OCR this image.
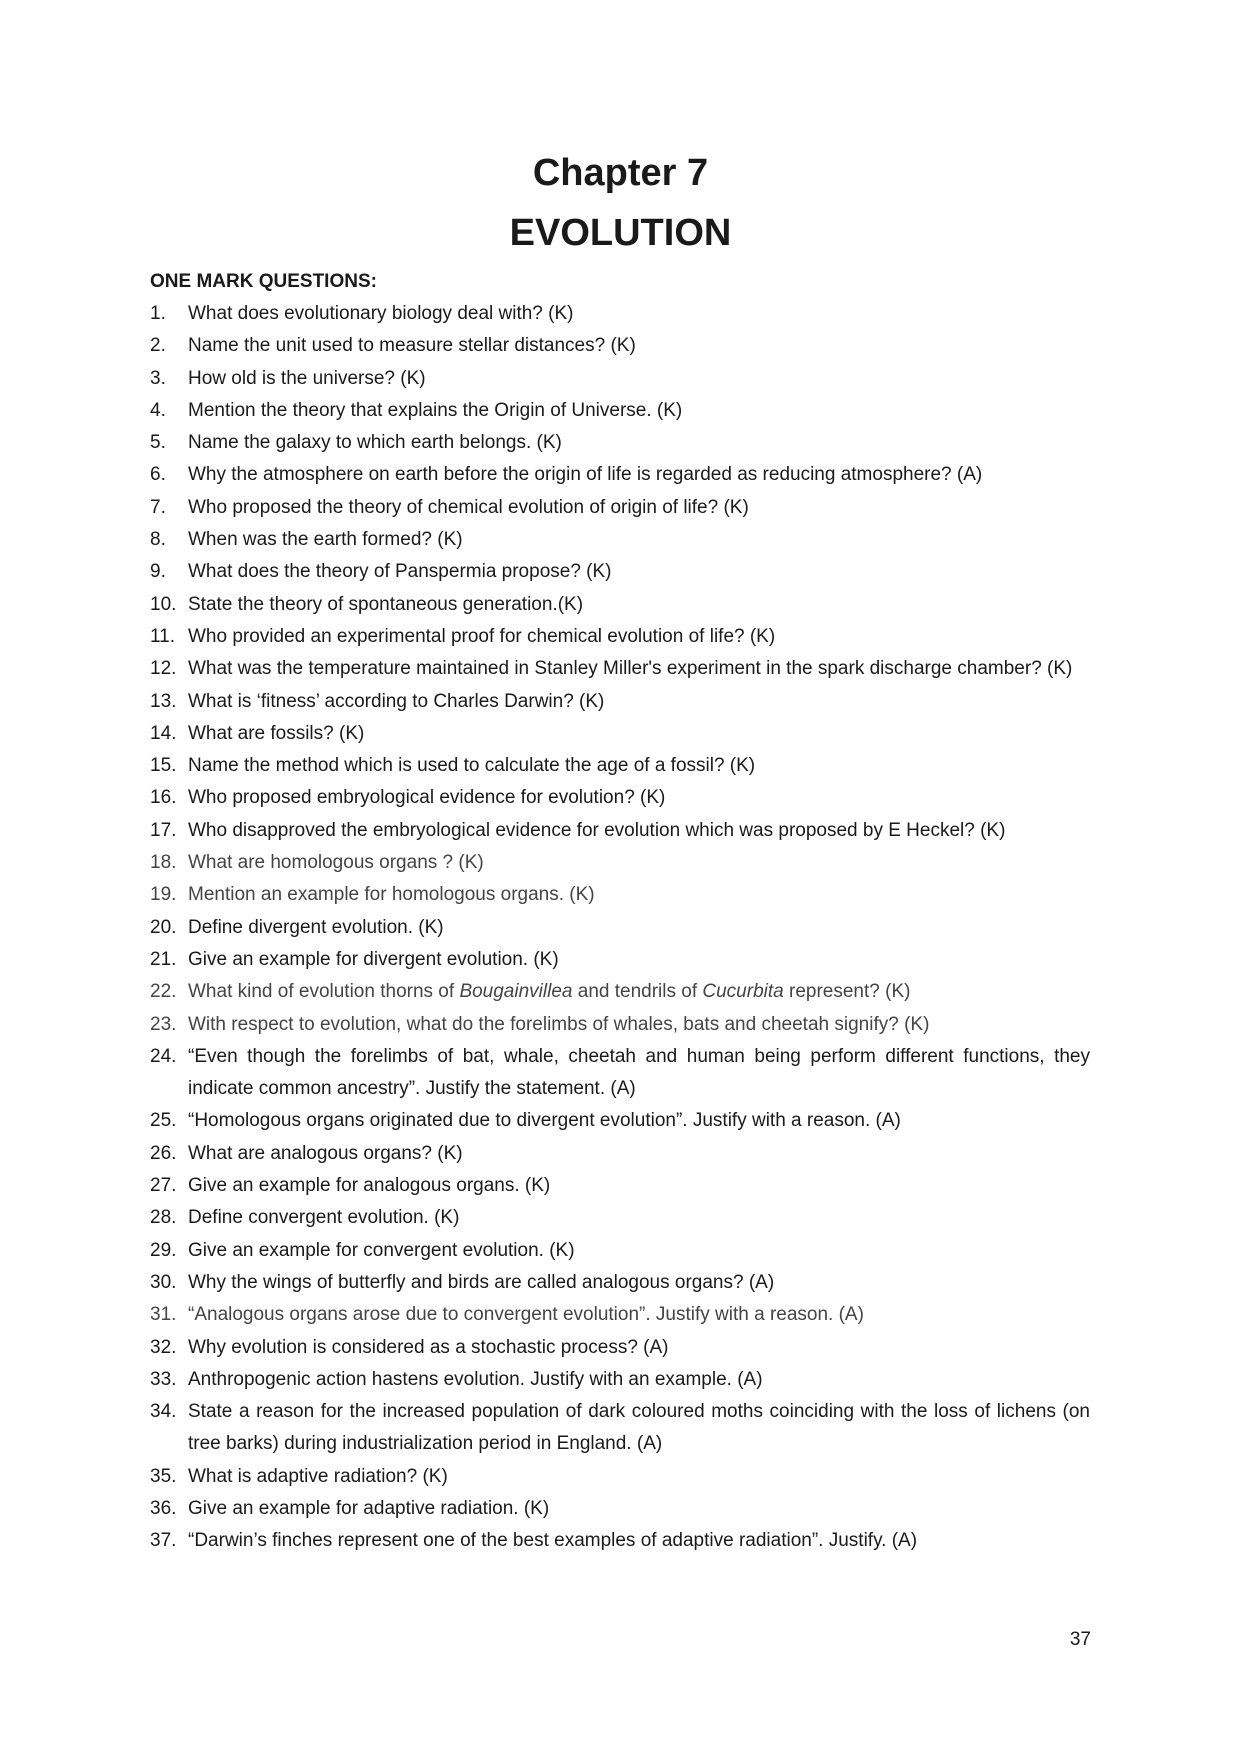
Chapter 7
EVOLUTION
ONE MARK QUESTIONS:
1. What does evolutionary biology deal with? (K)
2. Name the unit used to measure stellar distances? (K)
3. How old is the universe? (K)
4. Mention the theory that explains the Origin of Universe. (K)
5. Name the galaxy to which earth belongs. (K)
6. Why the atmosphere on earth before the origin of life is regarded as reducing atmosphere? (A)
7. Who proposed the theory of chemical evolution of origin of life? (K)
8. When was the earth formed? (K)
9. What does the theory of Panspermia propose? (K)
10. State the theory of spontaneous generation.(K)
11. Who provided an experimental proof for chemical evolution of life? (K)
12. What was the temperature maintained in Stanley Miller's experiment in the spark discharge chamber? (K)
13. What is ‘fitness’ according to Charles Darwin? (K)
14. What are fossils? (K)
15. Name the method which is used to calculate the age of a fossil? (K)
16. Who proposed embryological evidence for evolution? (K)
17. Who disapproved the embryological evidence for evolution which was proposed by E Heckel? (K)
18. What are homologous organs ? (K)
19. Mention an example for homologous organs. (K)
20. Define divergent evolution. (K)
21. Give an example for divergent evolution. (K)
22. What kind of evolution thorns of Bougainvillea and tendrils of Cucurbita represent? (K)
23. With respect to evolution, what do the forelimbs of whales, bats and cheetah signify? (K)
24. “Even though the forelimbs of bat, whale, cheetah and human being perform different functions, they indicate common ancestry”. Justify the statement. (A)
25. “Homologous organs originated due to divergent evolution”. Justify with a reason. (A)
26. What are analogous organs? (K)
27. Give an example for analogous organs. (K)
28. Define convergent evolution. (K)
29. Give an example for convergent evolution. (K)
30. Why the wings of butterfly and birds are called analogous organs? (A)
31. “Analogous organs arose due to convergent evolution”. Justify with a reason. (A)
32. Why evolution is considered as a stochastic process? (A)
33. Anthropogenic action hastens evolution. Justify with an example. (A)
34. State a reason for the increased population of dark coloured moths coinciding with the loss of lichens (on tree barks) during industrialization period in England. (A)
35. What is adaptive radiation? (K)
36. Give an example for adaptive radiation. (K)
37. “Darwin’s finches represent one of the best examples of adaptive radiation”. Justify. (A)
37
